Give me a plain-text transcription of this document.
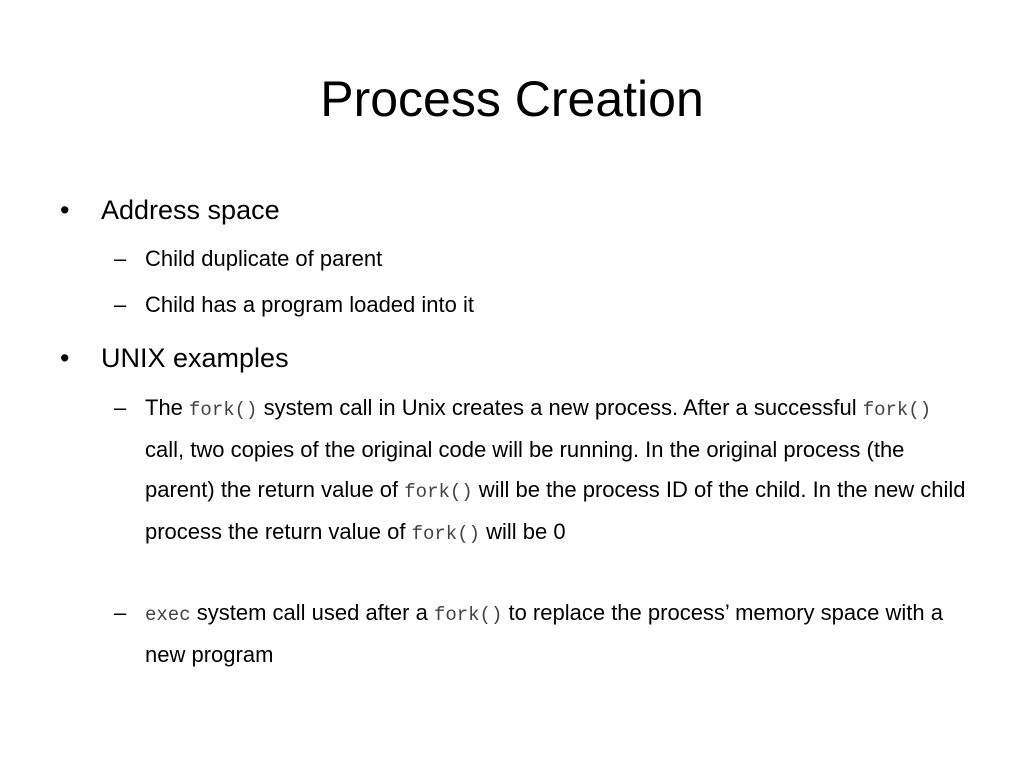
Process Creation
•	Address space
– Child duplicate of parent
– Child has a program loaded into it
•	UNIX examples
– The fork() system call in Unix creates a new process. After a successful fork() call, two copies of the original code will be running. In the original process (the parent) the return value of fork() will be the process ID of the child. In the new child process the return value of fork() will be 0
– exec system call used after a fork() to replace the process’ memory space with a new program
